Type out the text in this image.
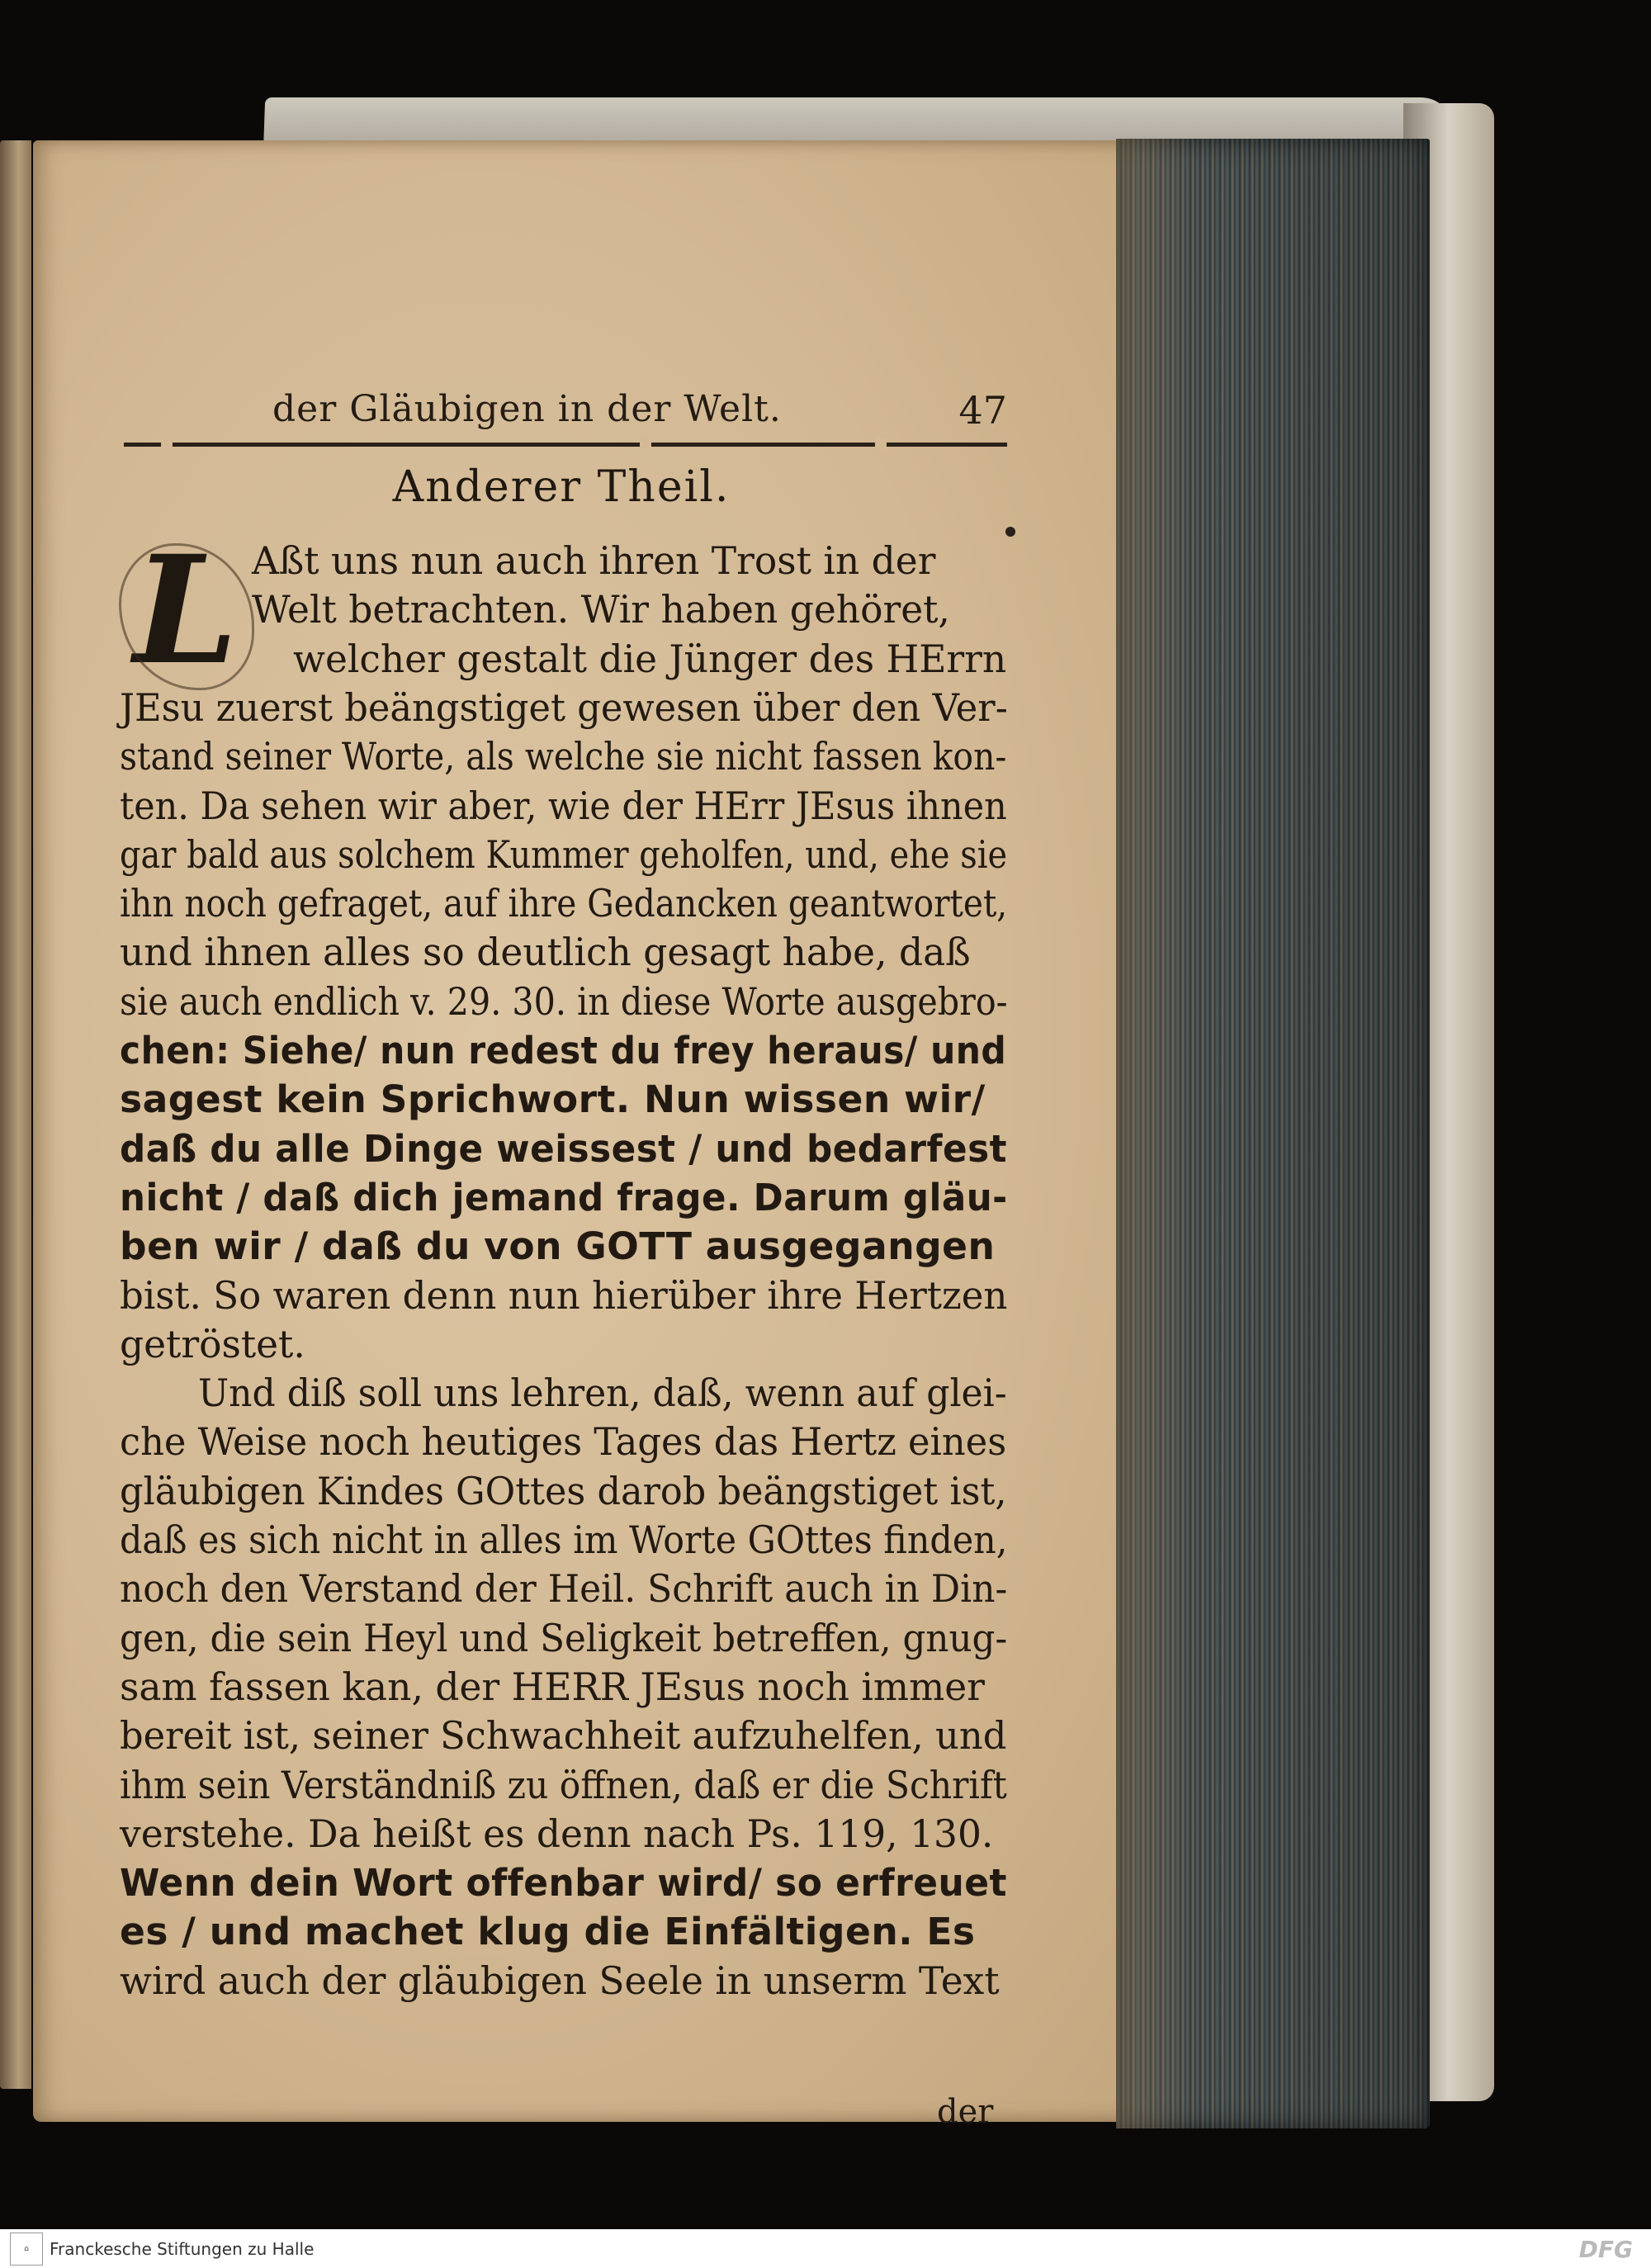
der Gläubigen in der Welt.	47
Anderer Theil.
L Aßt uns nun auch ihren Trost in der
Welt betrachten. Wir haben gehöret,
welcher gestalt die Jünger des HErrn
JEsu zuerst beängstiget gewesen über den Ver-
stand seiner Worte, als welche sie nicht fassen kon-
ten. Da sehen wir aber, wie der HErr JEsus ihnen
gar bald aus solchem Kummer geholfen, und, ehe sie
ihn noch gefraget, auf ihre Gedancken geantwortet,
und ihnen alles so deutlich gesagt habe, daß
sie auch endlich v. 29. 30. in diese Worte ausgebro-
chen: Siehe/ nun redest du frey heraus/ und
sagest kein Sprichwort. Nun wissen wir/
daß du alle Dinge weissest / und bedarfest
nicht / daß dich jemand frage. Darum gläu-
ben wir / daß du von GOTT ausgegangen
bist. So waren denn nun hierüber ihre Hertzen
getröstet.
Und diß soll uns lehren, daß, wenn auf glei-
che Weise noch heutiges Tages das Hertz eines
gläubigen Kindes GOttes darob beängstiget ist,
daß es sich nicht in alles im Worte GOttes finden,
noch den Verstand der Heil. Schrift auch in Din-
gen, die sein Heyl und Seligkeit betreffen, gnug-
sam fassen kan, der HERR JEsus noch immer
bereit ist, seiner Schwachheit aufzuhelfen, und
ihm sein Verständniß zu öffnen, daß er die Schrift
verstehe. Da heißt es denn nach Ps. 119, 130.
Wenn dein Wort offenbar wird/ so erfreuet
es / und machet klug die Einfältigen. Es
wird auch der gläubigen Seele in unserm Text
der
⌂	Franckesche Stiftungen zu Halle	DFG
